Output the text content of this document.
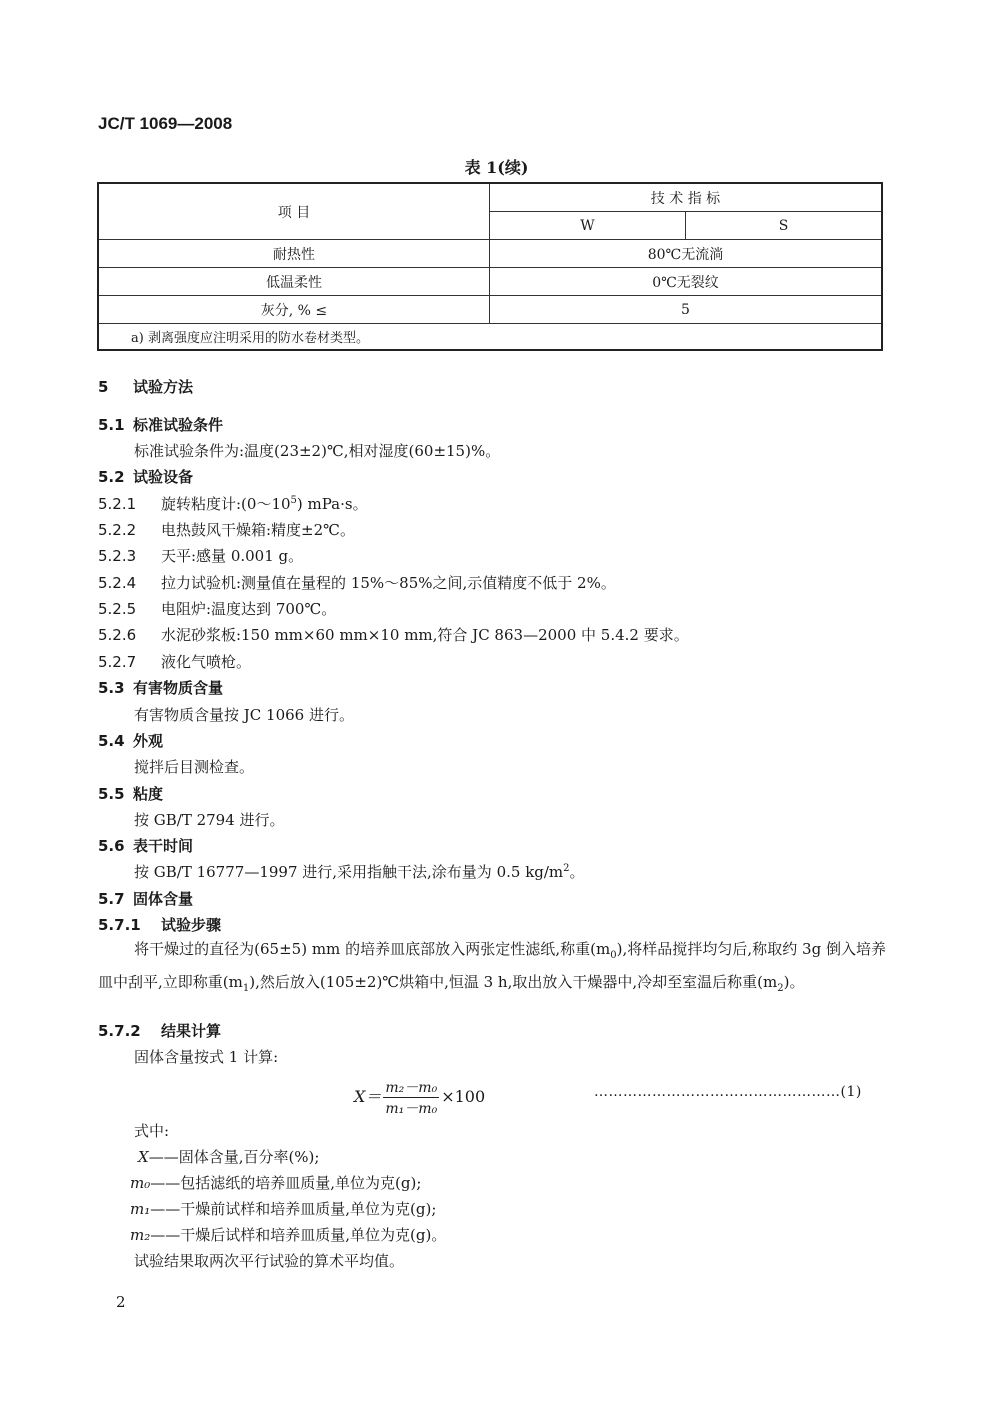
JC/T 1069—2008
表 1(续)
项 目	技 术 指 标	
	W	S
耐热性	80℃无流淌	
低温柔性	0℃无裂纹	
灰分, % ≤	5	
a) 剥离强度应注明采用的防水卷材类型。		
5 试验方法
5.1 标准试验条件
标准试验条件为:温度(23±2)℃,相对湿度(60±15)%。
5.2 试验设备
5.2.1 旋转粘度计$:(0\sim 10^5)$ mPa·s。
5.2.2 电热鼓风干燥箱:精度±2℃。
5.2.3 天平:感量 0.001 g。
5.2.4 拉力试验机:测量值在量程的 15%～85%之间,示值精度不低于 2%。
5.2.5 电阻炉:温度达到 700℃。
5.2.6 水泥砂浆板:150 mm×60 mm×10 mm,符合 JC 863—2000 中 5.4.2 要求。
5.2.7 液化气喷枪。
5.3 有害物质含量
有害物质含量按 JC 1066 进行。
5.4 外观
搅拌后目测检查。
5.5 粘度
按 GB/T 2794 进行。
5.6 表干时间
按 GB/T 16777—1997 进行,采用指触干法,涂布量为 0.5 $kg/m^2$。
5.7 固体含量
5.7.1 试验步骤
将干燥过的直径为(65±5) mm 的培养皿底部放入两张定性滤纸,称重$(m_0)$,将样品搅拌均匀后,称取约 3g 倒入培养皿中刮平,立即称重$(m_1)$,然后放入(105±2)℃烘箱中,恒温 3 h,取出放入干燥器中,冷却至室温后称重$(m_2)$。
5.7.2 结果计算
固体含量按式 1 计算:
$X= \frac{\text{m₂－m₀}}{\text{m₁－m₀}} \times 100$	……………………………………………(1)
式中:
X——固体含量,百分率(%);
m₀——包括滤纸的培养皿质量,单位为克(g);
m₁——干燥前试样和培养皿质量,单位为克(g);
m₂——干燥后试样和培养皿质量,单位为克(g)。
试验结果取两次平行试验的算术平均值。
2
